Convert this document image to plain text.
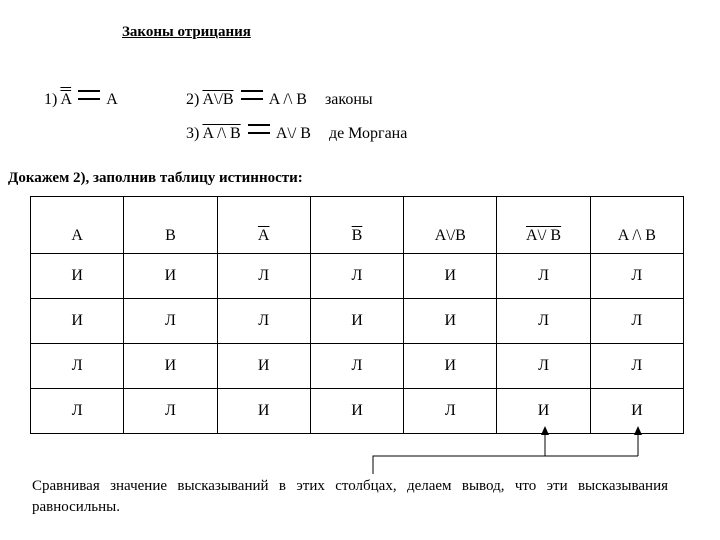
Законы отрицания
1) A A	2) A\/B A /\ B законы
3) A /\ B A\/ B де Моргана
Докажем 2), заполнив таблицу истинности:
A	B	$\overline{A}$	$\overline{B}$	A\/B	A\/ B	A /\ B
И	И	Л	Л	И	Л	Л
И	Л	Л	И	И	Л	Л
Л	И	И	Л	И	Л	Л
Л	Л	И	И	Л	И	И
Сравнивая значение высказываний в этих столбцах, делаем вывод, что эти высказывания равносильны.
